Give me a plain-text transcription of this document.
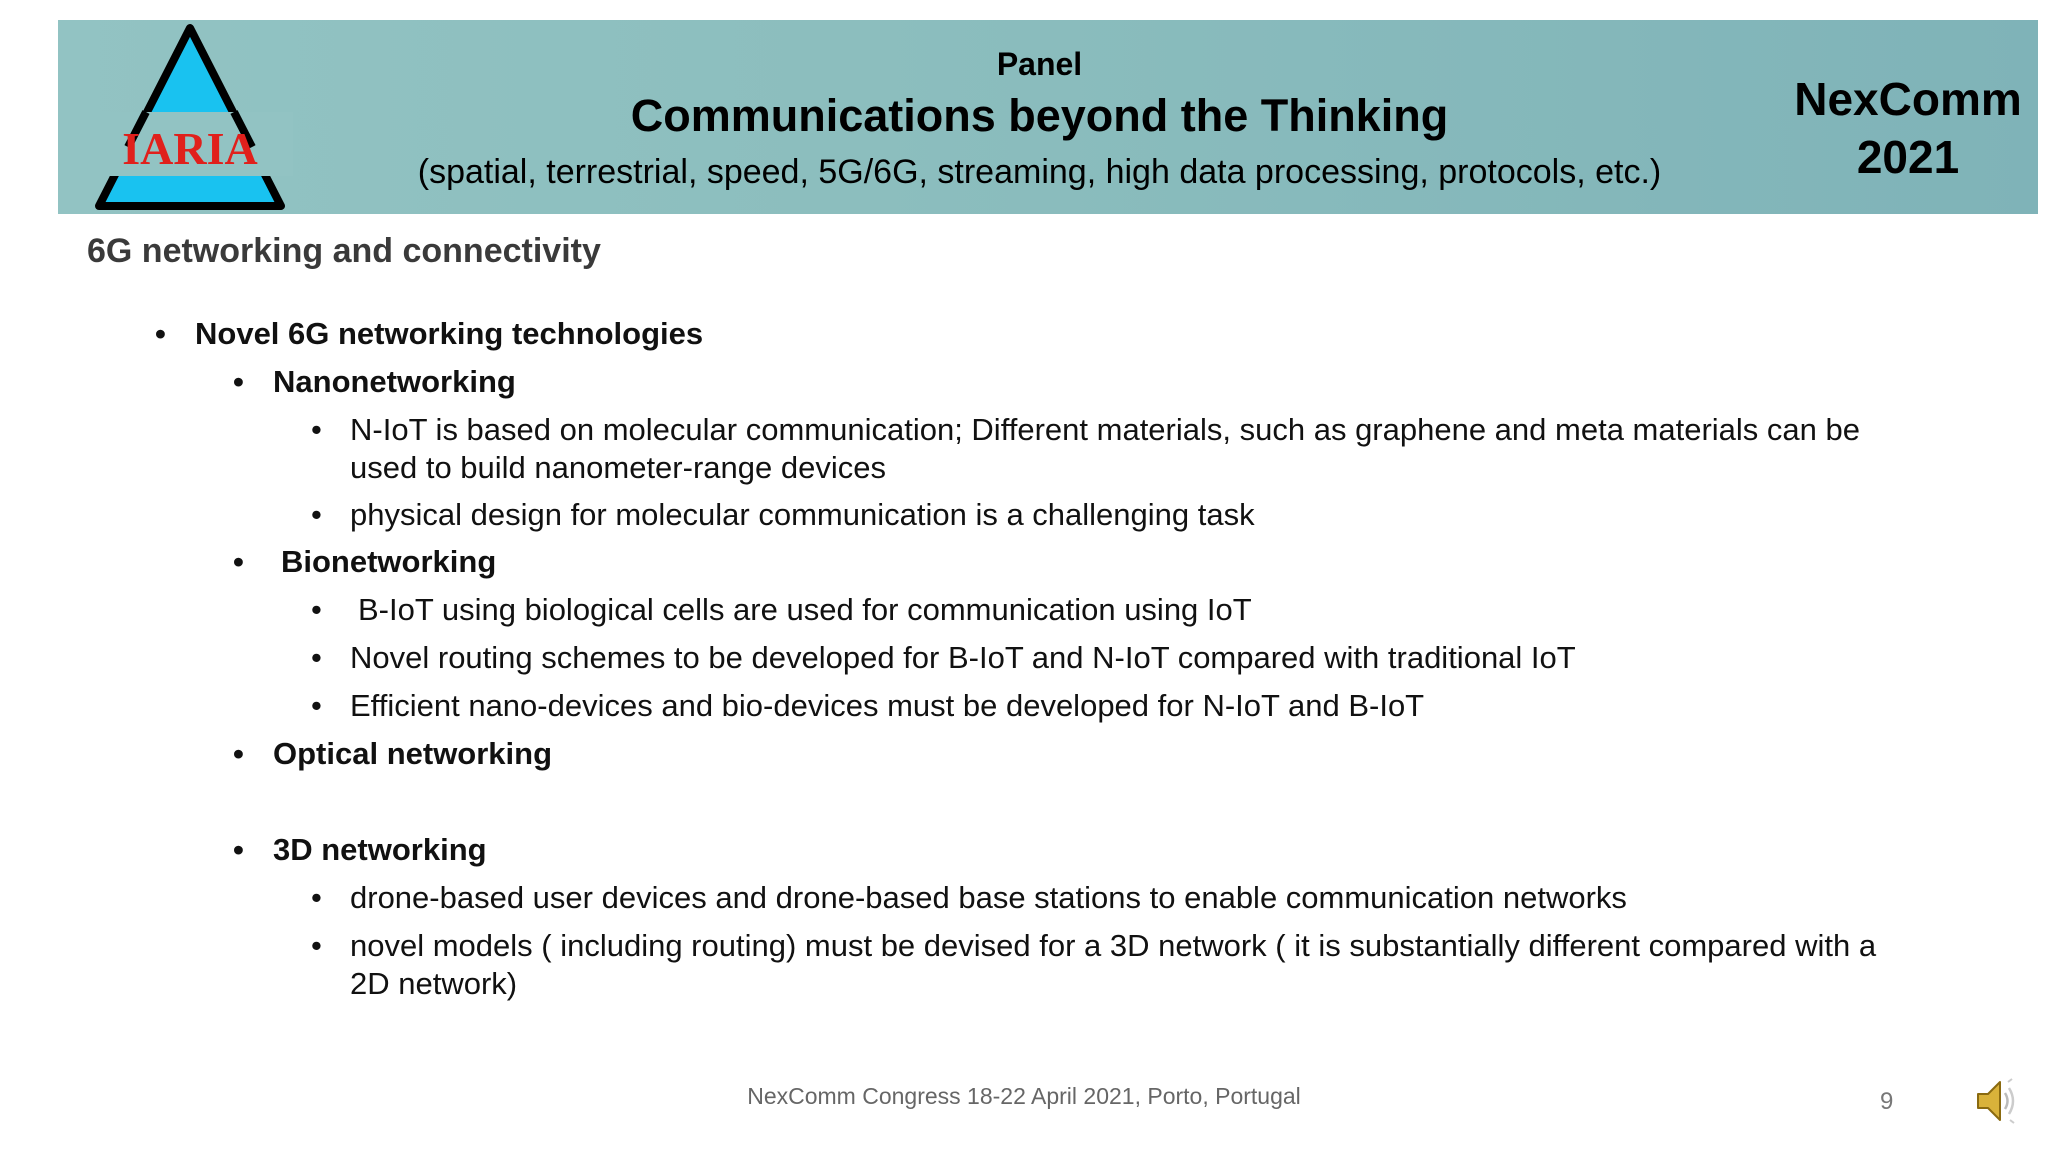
IARIA
Panel
Communications beyond the Thinking
(spatial, terrestrial, speed, 5G/6G, streaming, high data processing, protocols, etc.)
NexComm
2021
6G networking and connectivity
• Novel 6G networking technologies
• Nanonetworking
• N-IoT is based on molecular communication; Different materials, such as graphene and meta materials can be used to build nanometer-range devices
• physical design for molecular communication is a challenging task
• Bionetworking
• B-IoT using biological cells are used for communication using IoT
• Novel routing schemes to be developed for B-IoT and N-IoT compared with traditional IoT
• Efficient nano-devices and bio-devices must be developed for N-IoT and B-IoT
• Optical networking
• 3D networking
• drone-based user devices and drone-based base stations to enable communication networks
• novel models ( including routing) must be devised for a 3D network ( it is substantially different compared with a 2D network)
NexComm Congress 18-22 April 2021, Porto, Portugal	9
